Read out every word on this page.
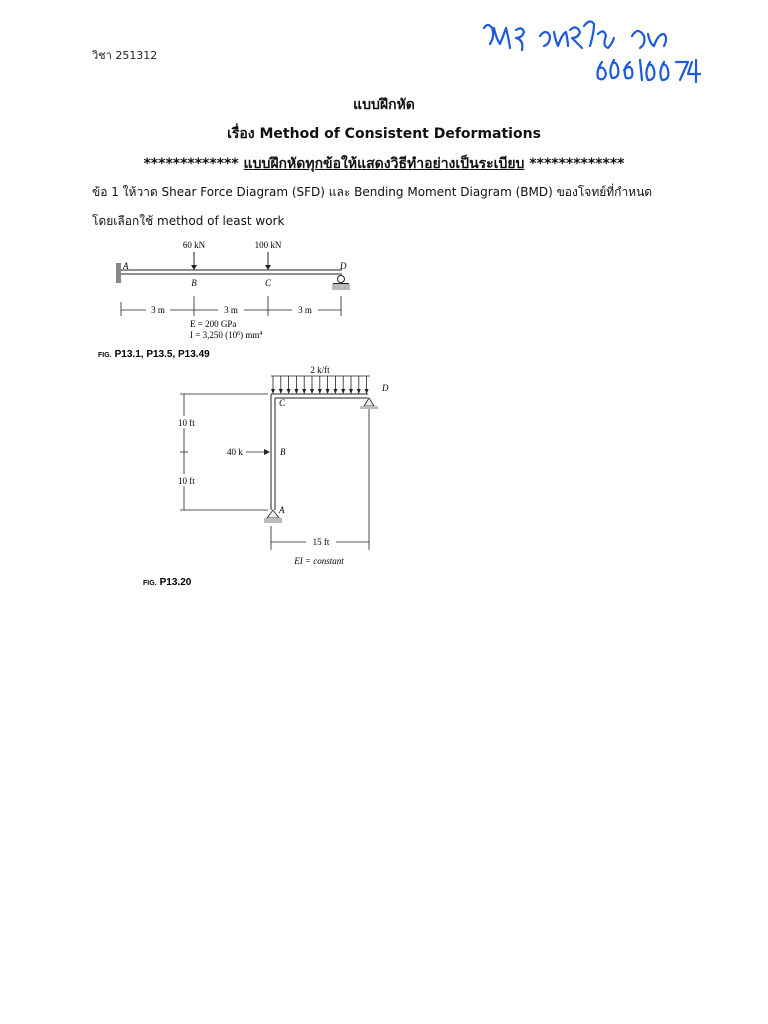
วิชา 251312
แบบฝึกหัด
เรื่อง Method of Consistent Deformations
************* แบบฝึกหัดทุกข้อให้แสดงวิธีทำอย่างเป็นระเบียบ *************
ข้อ 1 ให้วาด Shear Force Diagram (SFD) และ Bending Moment Diagram (BMD) ของโจทย์ที่กำหนด
โดยเลือกใช้ method of least work
60 kN	100 kN
A
B	C
D
3 m	3 m	3 m
E = 200 GPa
I = 3,250 $(10^6)$ $mm^4$
FIG. P13.1, P13.5, P13.49
2 k/ft
D
C
B
A
40 k
10 ft
10 ft
15 ft
EI = constant
FIG. P13.20
